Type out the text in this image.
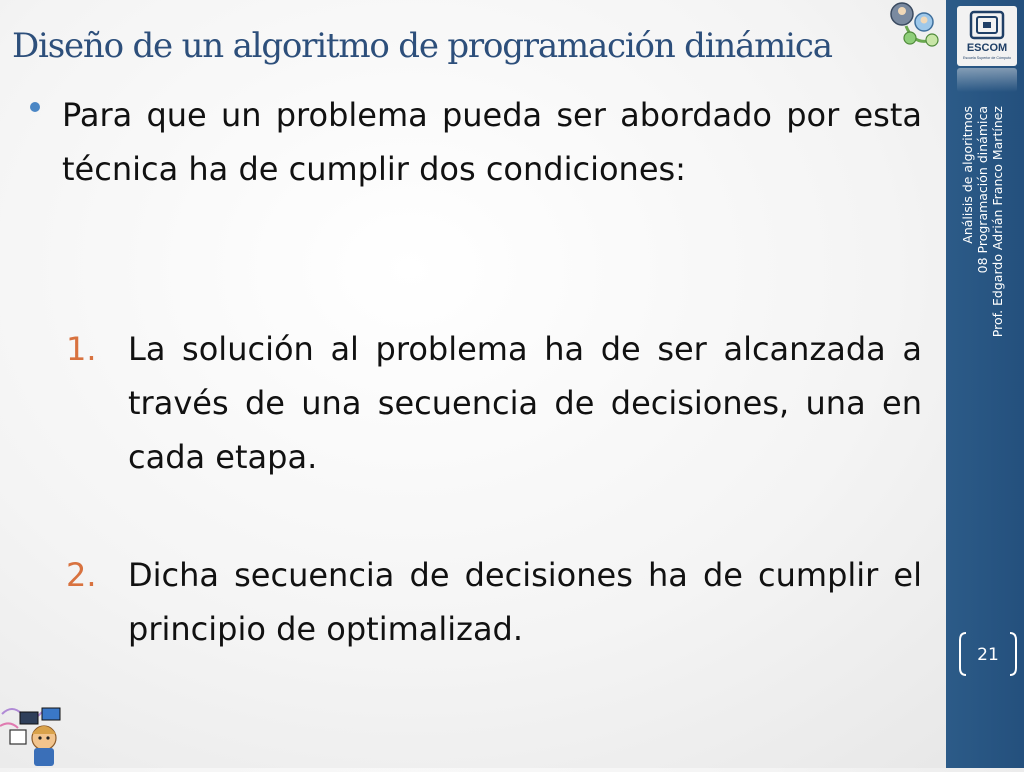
ESCOM
Escuela Superior de Cómputo
Análisis de algoritmos 08 Programación dinámica Prof. Edgardo Adrián Franco Martínez
21
Diseño de un algoritmo de programación dinámica
Para que un problema pueda ser abordado por esta técnica ha de cumplir dos condiciones:
1. La solución al problema ha de ser alcanzada a través de una secuencia de decisiones, una en cada etapa.
2. Dicha secuencia de decisiones ha de cumplir el principio de optimalizad.
